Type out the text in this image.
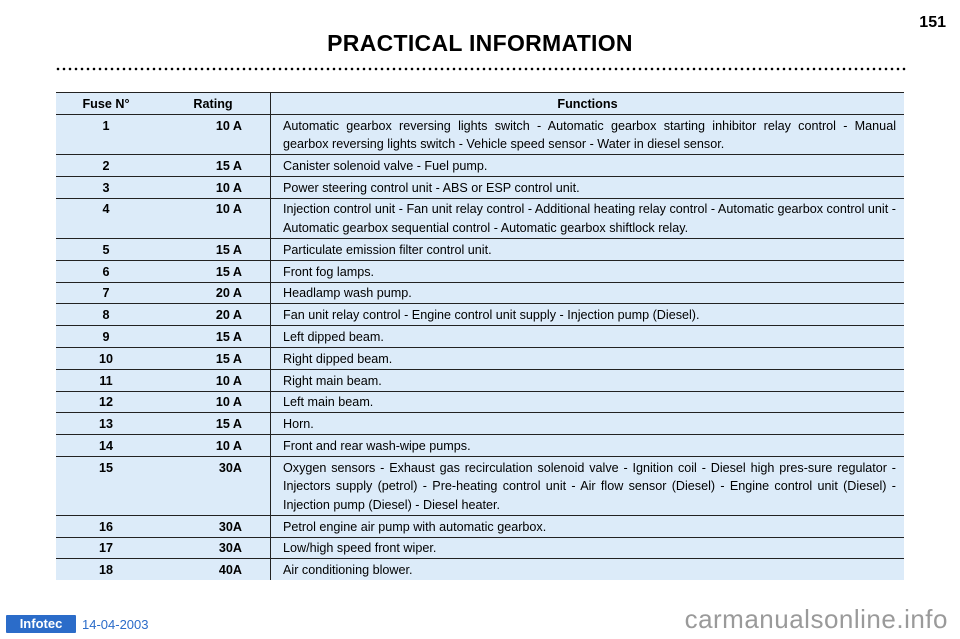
151
PRACTICAL INFORMATION
Fuse N°	Rating	Functions
1	10 A	Automatic gearbox reversing lights switch - Automatic gearbox starting inhibitor relay control - Manual gearbox reversing lights switch - Vehicle speed sensor - Water in diesel sensor.
2	15 A	Canister solenoid valve - Fuel pump.
3	10 A	Power steering control unit - ABS or ESP control unit.
4	10 A	Injection control unit - Fan unit relay control - Additional heating relay control - Automatic gearbox control unit - Automatic gearbox sequential control - Automatic gearbox shiftlock relay.
5	15 A	Particulate emission filter control unit.
6	15 A	Front fog lamps.
7	20 A	Headlamp wash pump.
8	20 A	Fan unit relay control - Engine control unit supply - Injection pump (Diesel).
9	15 A	Left dipped beam.
10	15 A	Right dipped beam.
11	10 A	Right main beam.
12	10 A	Left main beam.
13	15 A	Horn.
14	10 A	Front and rear wash-wipe pumps.
15	30A	Oxygen sensors - Exhaust gas recirculation solenoid valve - Ignition coil - Diesel high pres-sure regulator - Injectors supply (petrol) - Pre-heating control unit - Air flow sensor (Diesel) - Engine control unit (Diesel) - Injection pump (Diesel) - Diesel heater.
16	30A	Petrol engine air pump with automatic gearbox.
17	30A	Low/high speed front wiper.
18	40A	Air conditioning blower.
Infotec	14-04-2003	carmanualsonline.info
